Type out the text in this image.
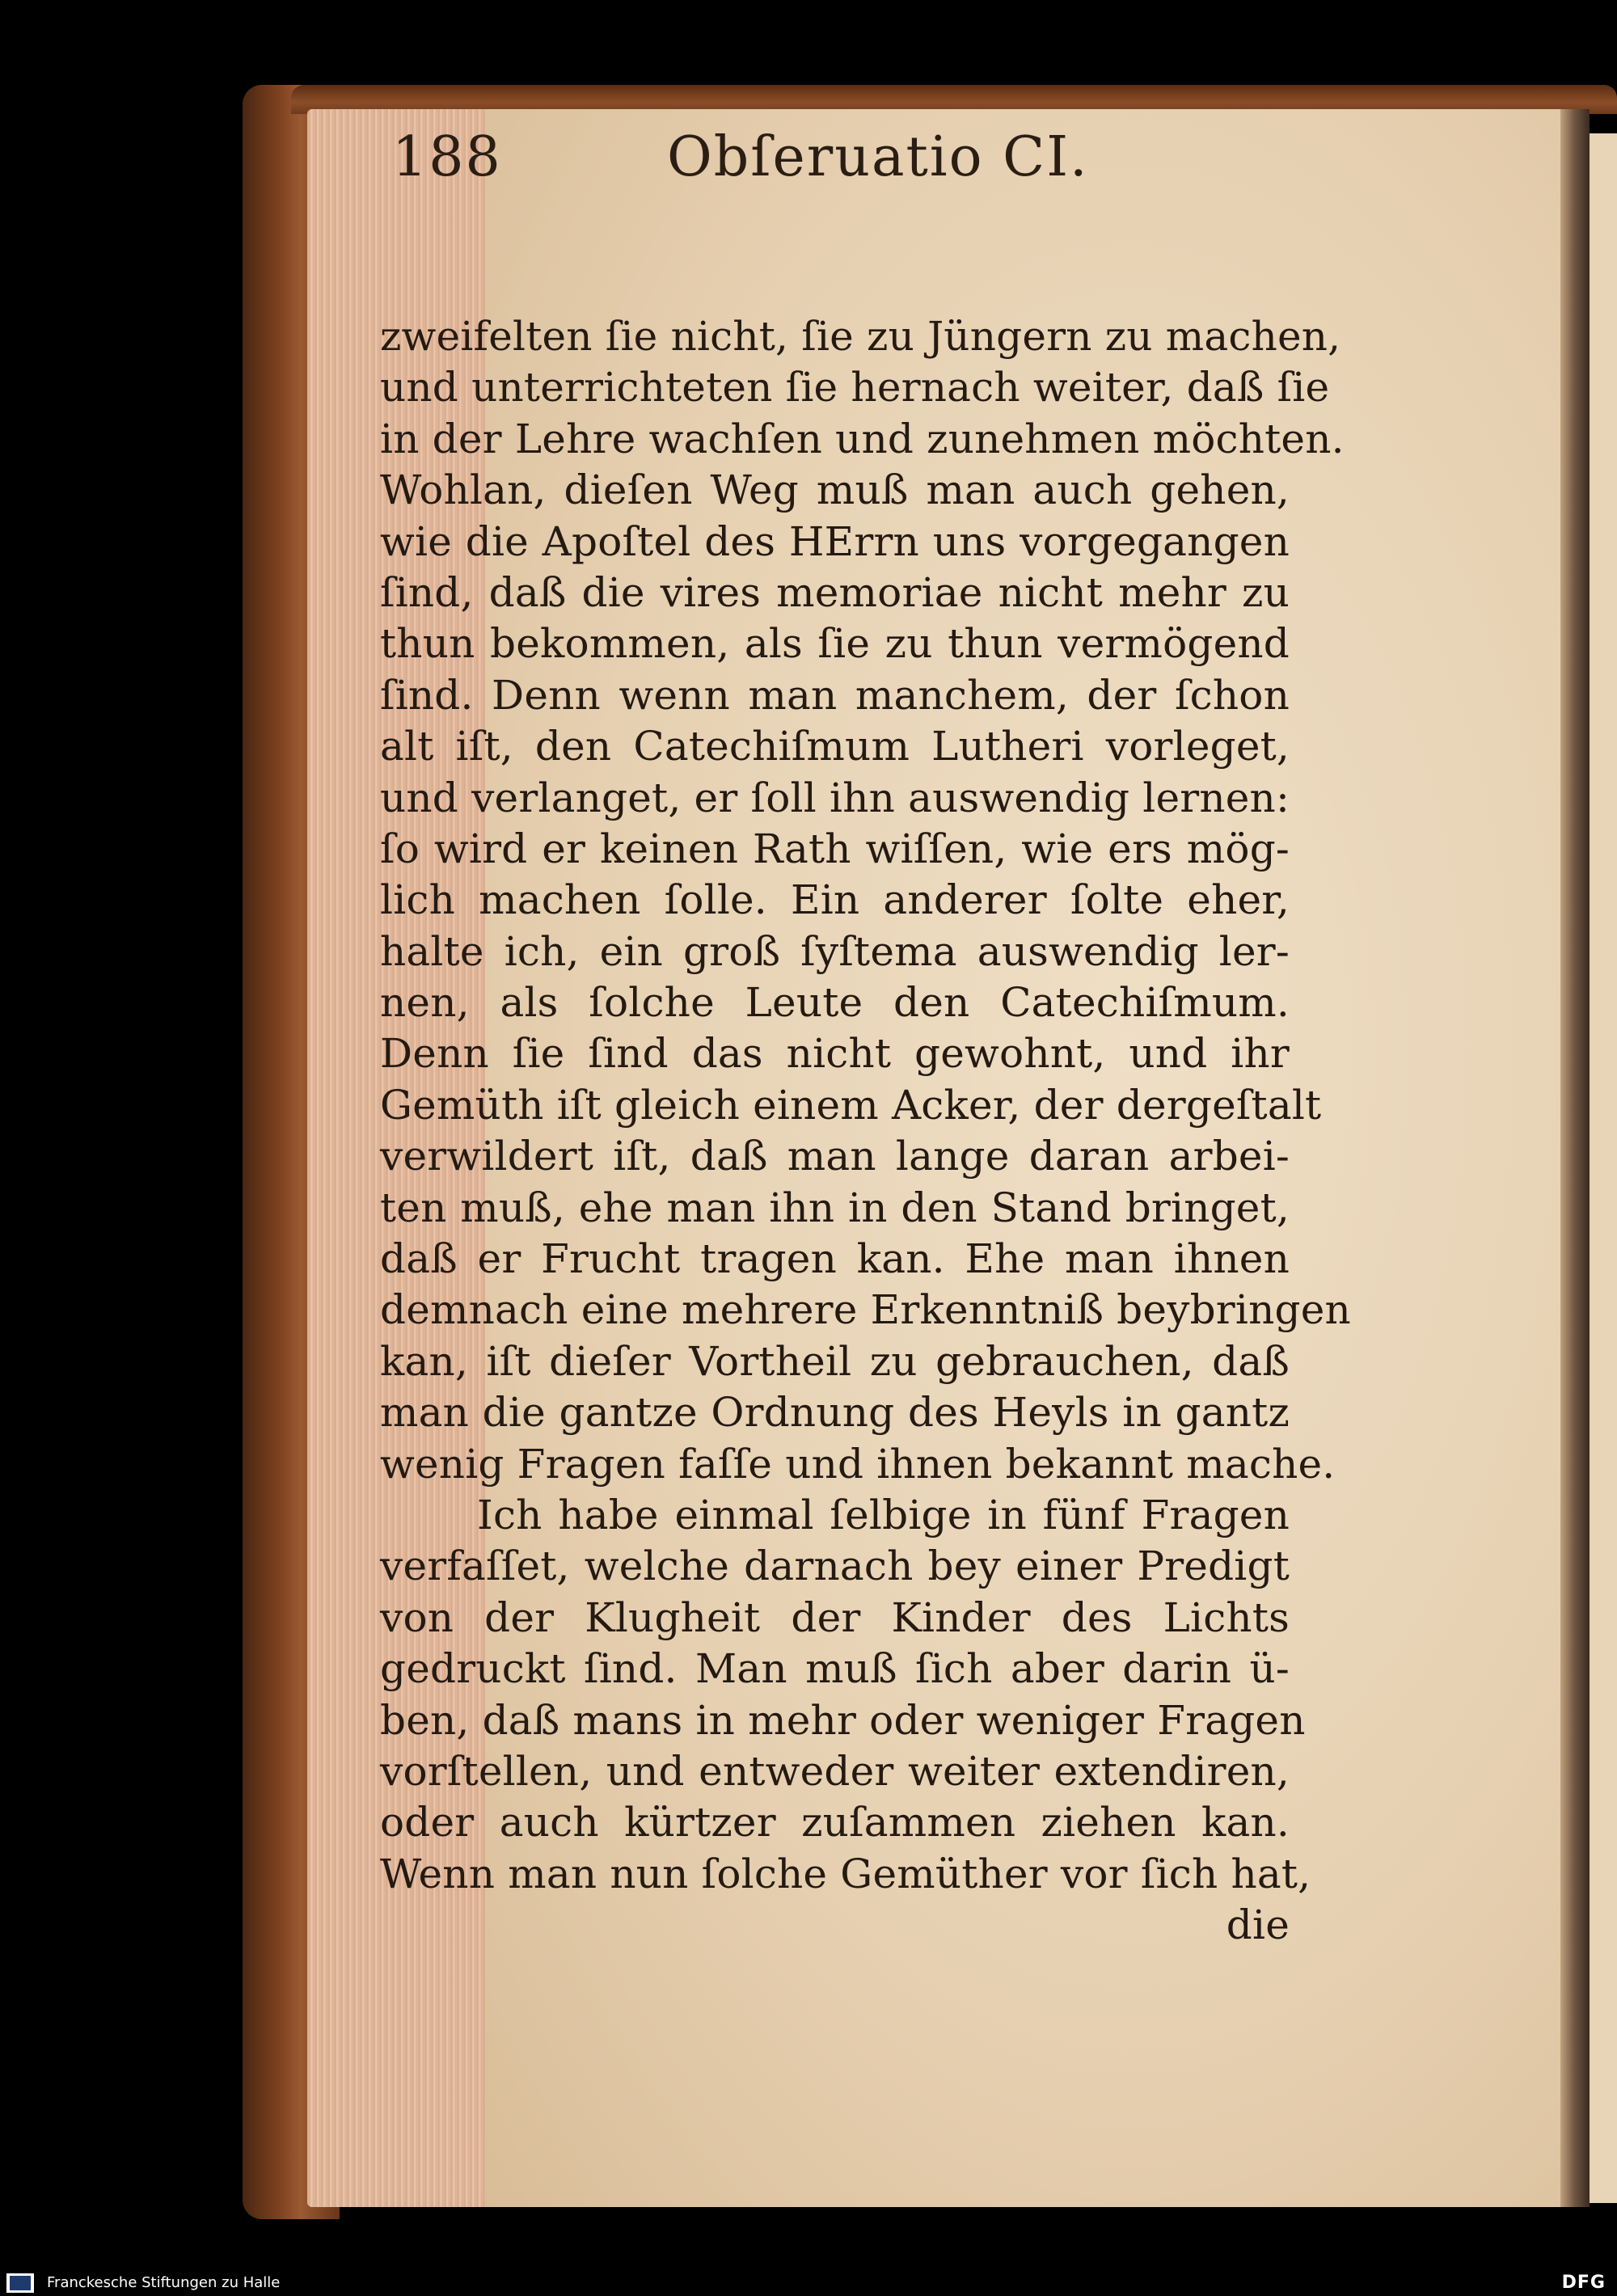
188	Obſeruatio CI.
zweifelten ſie nicht, ſie zu Jüngern zu machen,
und unterrichteten ſie hernach weiter, daß ſie
in der Lehre wachſen und zunehmen möchten.
Wohlan, dieſen Weg muß man auch gehen,
wie die Apoſtel des HErrn uns vorgegangen
ſind, daß die vires memoriae nicht mehr zu
thun bekommen, als ſie zu thun vermögend
ſind. Denn wenn man manchem, der ſchon
alt iſt, den Catechiſmum Lutheri vorleget,
und verlanget, er ſoll ihn auswendig lernen:
ſo wird er keinen Rath wiſſen, wie ers mög-
lich machen ſolle. Ein anderer ſolte eher,
halte ich, ein groß ſyſtema auswendig ler-
nen, als ſolche Leute den Catechiſmum.
Denn ſie ſind das nicht gewohnt, und ihr
Gemüth iſt gleich einem Acker, der dergeſtalt
verwildert iſt, daß man lange daran arbei-
ten muß, ehe man ihn in den Stand bringet,
daß er Frucht tragen kan. Ehe man ihnen
demnach eine mehrere Erkenntniß beybringen
kan, iſt dieſer Vortheil zu gebrauchen, daß
man die gantze Ordnung des Heyls in gantz
wenig Fragen faſſe und ihnen bekannt mache.
Ich habe einmal ſelbige in fünf Fragen
verfaſſet, welche darnach bey einer Predigt
von der Klugheit der Kinder des Lichts
gedruckt ſind. Man muß ſich aber darin ü-
ben, daß mans in mehr oder weniger Fragen
vorſtellen, und entweder weiter extendiren,
oder auch kürtzer zuſammen ziehen kan.
Wenn man nun ſolche Gemüther vor ſich hat,
die
Franckesche Stiftungen zu Halle	DFG
